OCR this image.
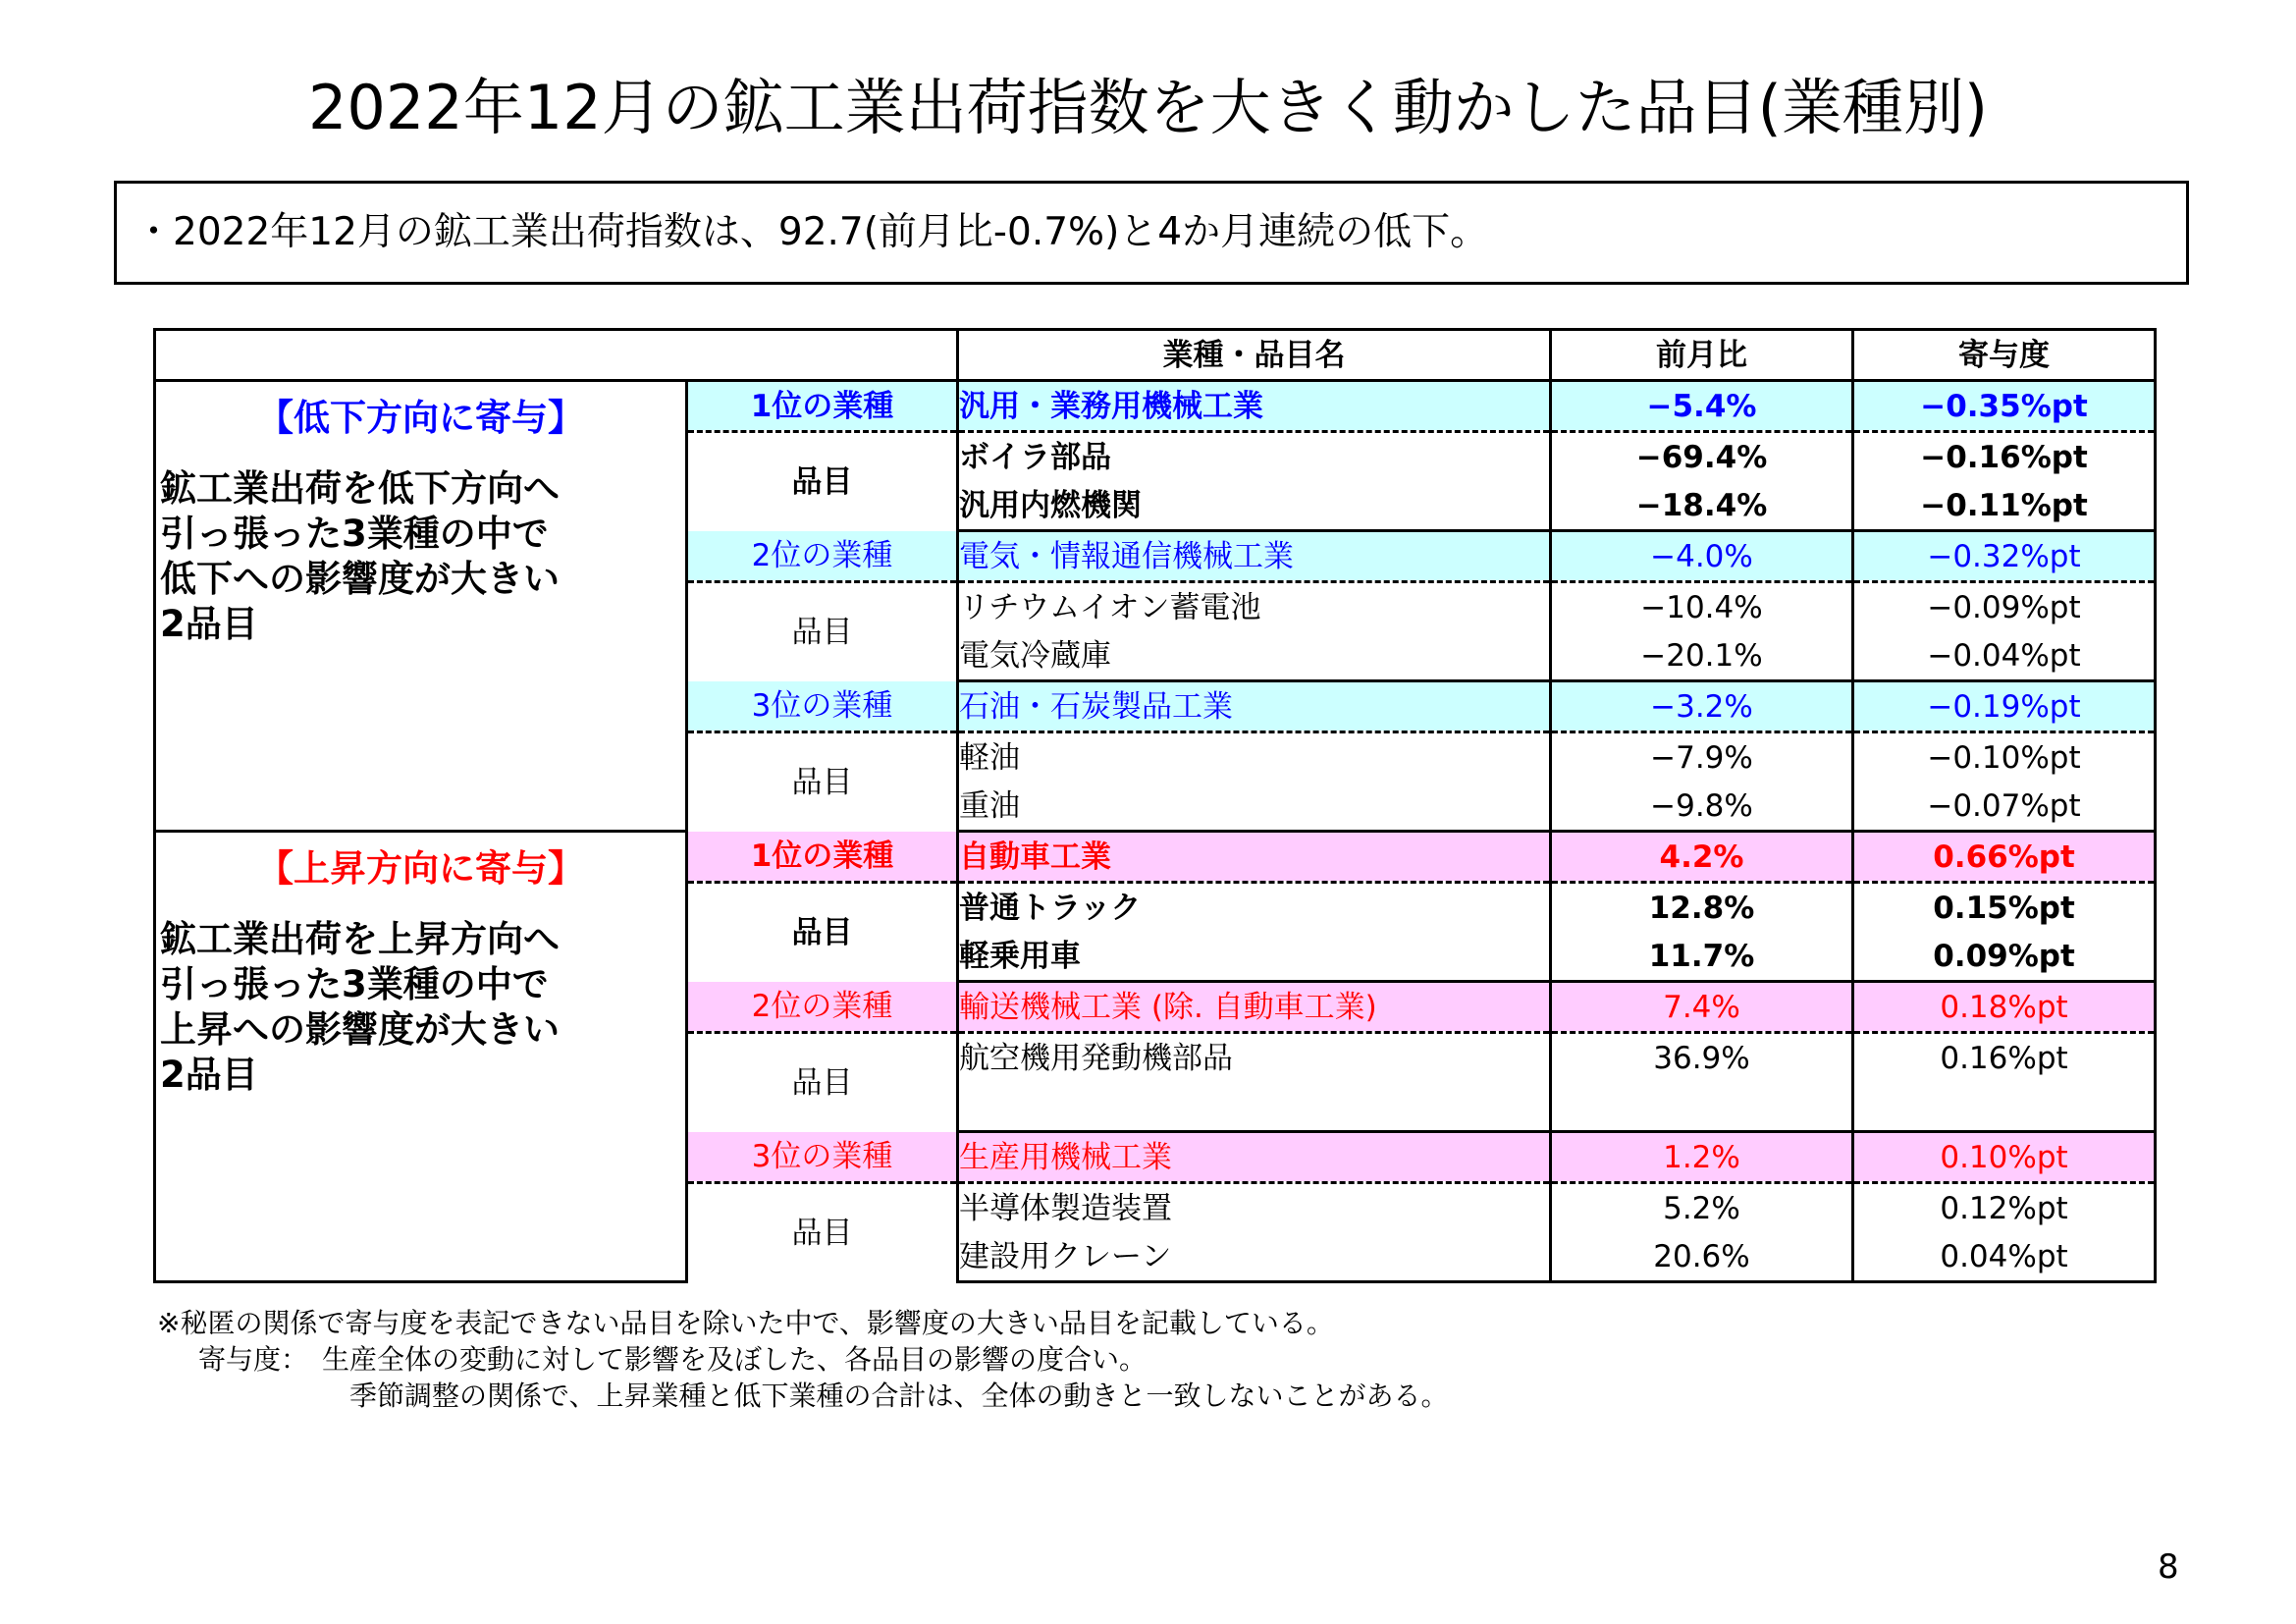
2022年12月の鉱工業出荷指数を大きく動かした品目(業種別)
・2022年12月の鉱工業出荷指数は、92.7(前月比-0.7%)と4か月連続の低下。
		業種・品目名	前月比	寄与度

【低下方向に寄与】
鉱工業出荷を低下方向へ
引っ張った3業種の中で
低下への影響度が大きい
2品目	1位の業種	汎用・業務用機械工業	−5.4%	−0.35%pt
	品目	ボイラ部品	−69.4%	−0.16%pt
		汎用内燃機関	−18.4%	−0.11%pt
	2位の業種	電気・情報通信機械工業	−4.0%	−0.32%pt
	品目	リチウムイオン蓄電池	−10.4%	−0.09%pt
		電気冷蔵庫	−20.1%	−0.04%pt
	3位の業種	石油・石炭製品工業	−3.2%	−0.19%pt
	品目	軽油	−7.9%	−0.10%pt
		重油	−9.8%	−0.07%pt

【上昇方向に寄与】
鉱工業出荷を上昇方向へ
引っ張った3業種の中で
上昇への影響度が大きい
2品目	1位の業種	自動車工業	4.2%	0.66%pt
	品目	普通トラック	12.8%	0.15%pt
		軽乗用車	11.7%	0.09%pt
	2位の業種	輸送機械工業 (除. 自動車工業)	7.4%	0.18%pt
	品目	航空機用発動機部品	36.9%	0.16%pt

	3位の業種	生産用機械工業	1.2%	0.10%pt
	品目	半導体製造装置	5.2%	0.12%pt
		建設用クレーン	20.6%	0.04%pt
※秘匿の関係で寄与度を表記できない品目を除いた中で、影響度の大きい品目を記載している。
寄与度：　生産全体の変動に対して影響を及ぼした、各品目の影響の度合い。
季節調整の関係で、上昇業種と低下業種の合計は、全体の動きと一致しないことがある。
8
